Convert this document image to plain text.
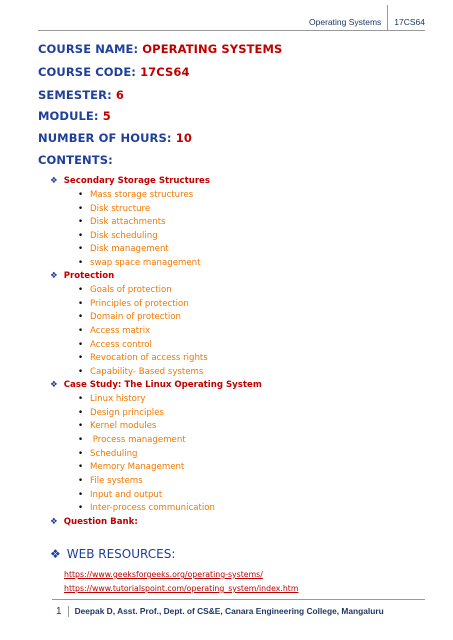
Operating Systems	17CS64
COURSE NAME: OPERATING SYSTEMS
COURSE CODE: 17CS64
SEMESTER: 6
MODULE: 5
NUMBER OF HOURS: 10
CONTENTS:
❖ Secondary Storage Structures
• Mass storage structures
• Disk structure
• Disk attachments
• Disk scheduling
• Disk management
• swap space management
❖ Protection
• Goals of protection
• Principles of protection
• Domain of protection
• Access matrix
• Access control
• Revocation of access rights
• Capability- Based systems
❖ Case Study: The Linux Operating System
• Linux history
• Design principles
• Kernel modules
• Process management
• Scheduling
• Memory Management
• File systems
• Input and output
• Inter-process communication
❖ Question Bank:
❖ WEB RESOURCES:
https://www.geeksforgeeks.org/operating-systems/
https://www.tutorialspoint.com/operating_system/index.htm
1	Deepak D, Asst. Prof., Dept. of CS&E, Canara Engineering College, Mangaluru
